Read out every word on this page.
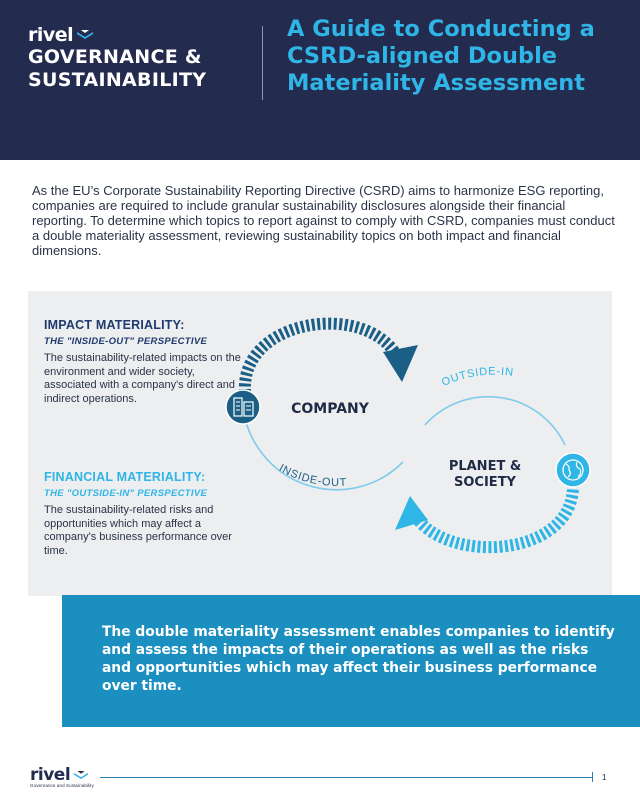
rivel
GOVERNANCE &
SUSTAINABILITY
A Guide to Conducting a CSRD-aligned Double Materiality Assessment
As the EU’s Corporate Sustainability Reporting Directive (CSRD) aims to harmonize ESG reporting, companies are required to include granular sustainability disclosures alongside their financial reporting. To determine which topics to report against to comply with CSRD, companies must conduct a double materiality assessment, reviewing sustainability topics on both impact and financial dimensions.
IMPACT MATERIALITY:
THE "INSIDE-OUT" PERSPECTIVE
The sustainability-related impacts on the environment and wider society, associated with a company's direct and indirect operations.
FINANCIAL MATERIALITY:
THE "OUTSIDE-IN" PERSPECTIVE
The sustainability-related risks and opportunities which may affect a company's business performance over time.
COMPANY
PLANET &
SOCIETY
INSIDE-OUT
OUTSIDE-IN
The double materiality assessment enables companies to identify and assess the impacts of their operations as well as the risks and opportunities which may affect their business performance over time.
rivel
Governance and Sustainability
1
